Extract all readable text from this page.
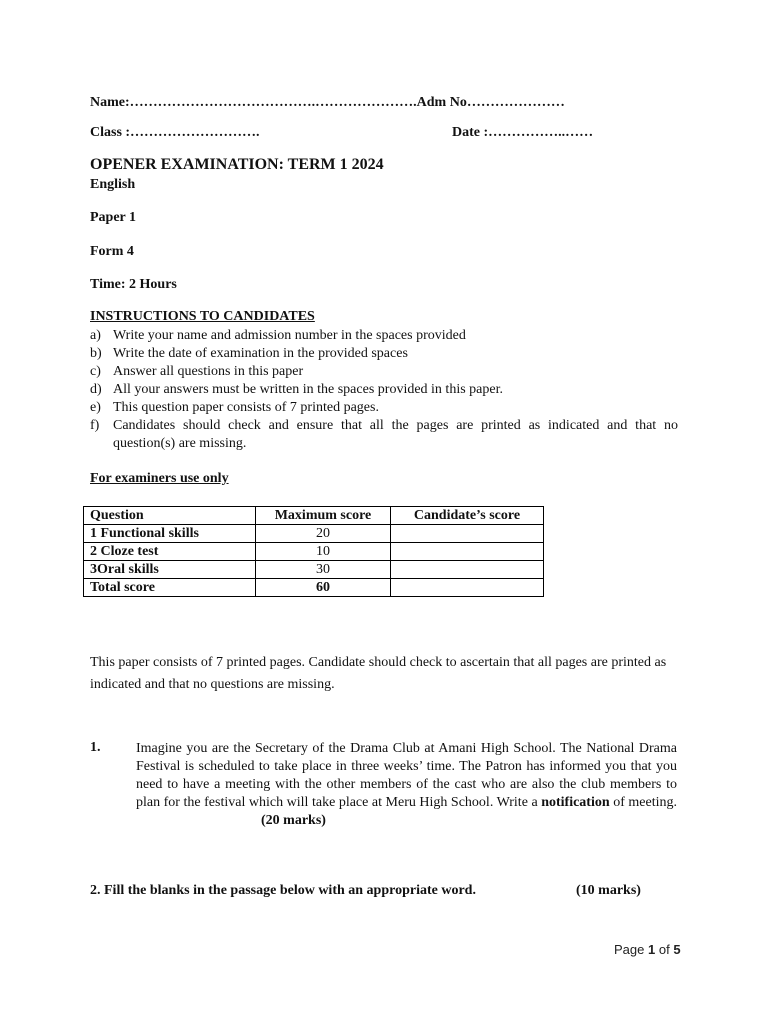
Name:………………………………….………………….Adm No…………………
Class :……………………….	Date :……………..……
OPENER EXAMINATION: TERM 1 2024
English
Paper 1
Form 4
Time: 2 Hours
INSTRUCTIONS TO CANDIDATES
a) Write your name and admission number in the spaces provided
b) Write the date of examination in the provided spaces
c) Answer all questions in this paper
d) All your answers must be written in the spaces provided in this paper.
e) This question paper consists of 7 printed pages.
f) Candidates should check and ensure that all the pages are printed as indicated and that no question(s) are missing.
For examiners use only
Question	Maximum score	Candidate’s score
1 Functional skills	20	
2 Cloze test	10	
3Oral skills	30	
Total score	60	
This paper consists of 7 printed pages. Candidate should check to ascertain that all pages are printed as indicated and that no questions are missing.
1.	Imagine you are the Secretary of the Drama Club at Amani High School. The National Drama Festival is scheduled to take place in three weeks’ time. The Patron has informed you that you need to have a meeting with the other members of the cast who are also the club members to plan for the festival which will take place at Meru High School. Write a notification of meeting.(20 marks)
2. Fill the blanks in the passage below with an appropriate word.	(10 marks)
Page 1 of 5
